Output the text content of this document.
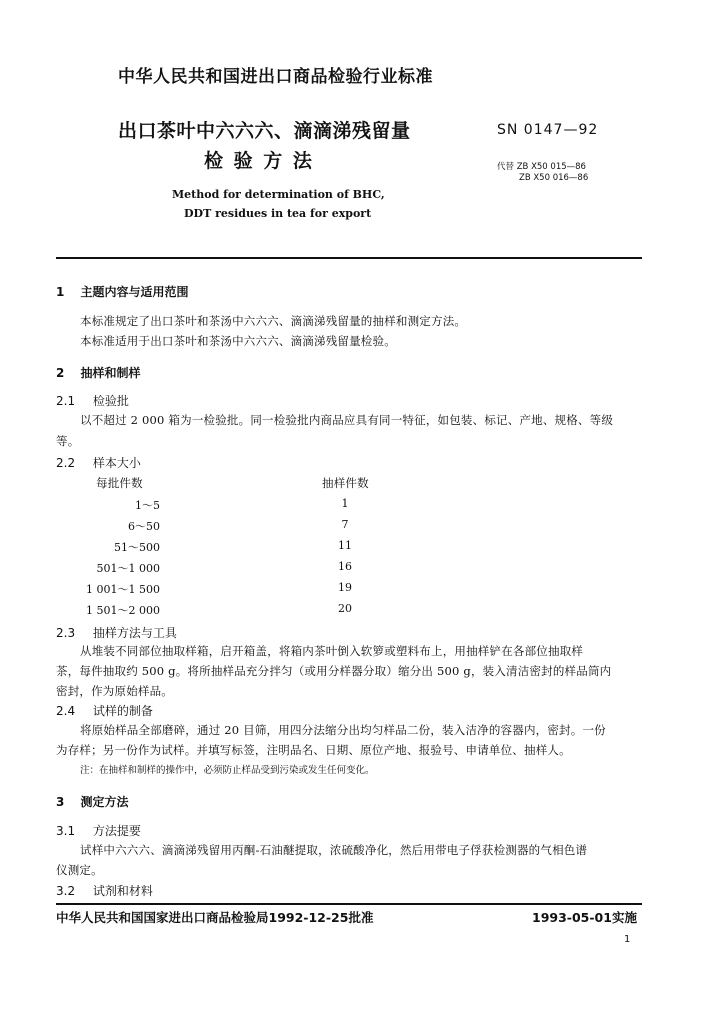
中华人民共和国进出口商品检验行业标准
出口茶叶中六六六、滴滴涕残留量
检 验 方 法
SN 0147—92
代替 ZB X50 015—86
ZB X50 016—86
Method for determination of BHC,
DDT residues in tea for export
1 主题内容与适用范围
本标准规定了出口茶叶和茶汤中六六六、滴滴涕残留量的抽样和测定方法。
本标准适用于出口茶叶和茶汤中六六六、滴滴涕残留量检验。
2 抽样和制样
2.1 检验批
以不超过 2 000 箱为一检验批。同一检验批内商品应具有同一特征，如包装、标记、产地、规格、等级
等。
2.2 样本大小
每批件数	抽样件数
1～5	1
6～50	7
51～500	11
501～1 000	16
1 001～1 500	19
1 501～2 000	20
2.3 抽样方法与工具
从堆装不同部位抽取样箱，启开箱盖，将箱内茶叶倒入软箩或塑料布上，用抽样铲在各部位抽取样
茶，每件抽取约 500 g。将所抽样品充分拌匀（或用分样器分取）缩分出 500 g，装入清洁密封的样品筒内
密封，作为原始样品。
2.4 试样的制备
将原始样品全部磨碎，通过 20 目筛，用四分法缩分出均匀样品二份，装入洁净的容器内，密封。一份
为存样；另一份作为试样。并填写标签，注明品名、日期、原位产地、报验号、申请单位、抽样人。
注：在抽样和制样的操作中，必须防止样品受到污染或发生任何变化。
3 测定方法
3.1 方法提要
试样中六六六、滴滴涕残留用丙酮-石油醚提取，浓硫酸净化，然后用带电子俘获检测器的气相色谱
仪测定。
3.2 试剂和材料
中华人民共和国国家进出口商品检验局1992-12-25批准	1993-05-01实施
1
